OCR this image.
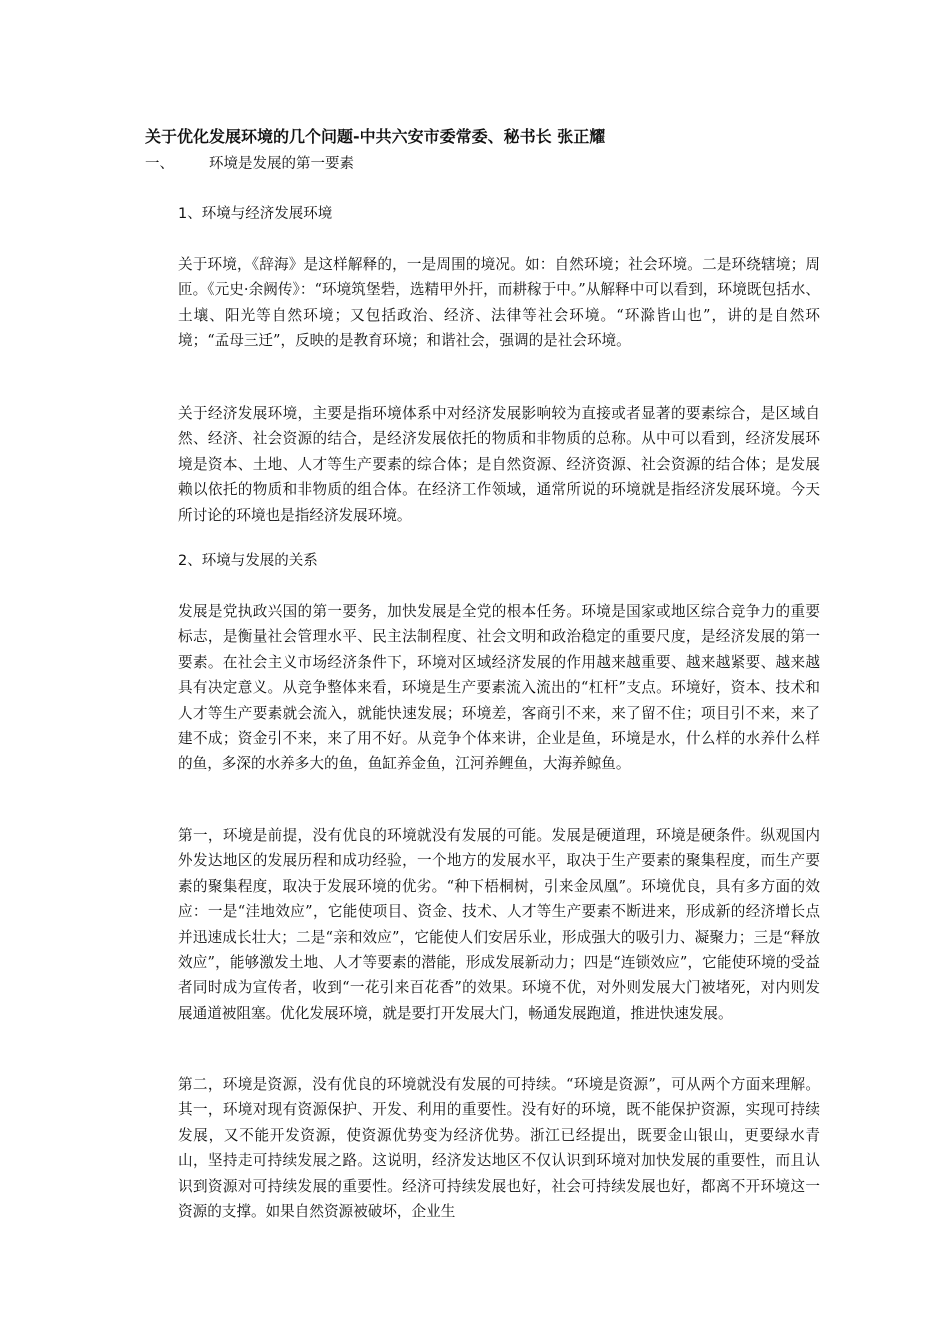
关于优化发展环境的几个问题-中共六安市委常委、秘书长 张正耀
一、 环境是发展的第一要素
1、环境与经济发展环境
关于环境，《辞海》是这样解释的，一是周围的境况。如：自然环境；社会环境。二是环绕辖境；周匝。《元史·余阙传》：“环境筑堡砦，选精甲外扞，而耕稼于中。”从解释中可以看到，环境既包括水、土壤、阳光等自然环境；又包括政治、经济、法律等社会环境。“环滁皆山也”，讲的是自然环境；“孟母三迁”，反映的是教育环境；和谐社会，强调的是社会环境。
关于经济发展环境，主要是指环境体系中对经济发展影响较为直接或者显著的要素综合，是区域自然、经济、社会资源的结合，是经济发展依托的物质和非物质的总称。从中可以看到，经济发展环境是资本、土地、人才等生产要素的综合体；是自然资源、经济资源、社会资源的结合体；是发展赖以依托的物质和非物质的组合体。在经济工作领域，通常所说的环境就是指经济发展环境。今天所讨论的环境也是指经济发展环境。
2、环境与发展的关系
发展是党执政兴国的第一要务，加快发展是全党的根本任务。环境是国家或地区综合竞争力的重要标志，是衡量社会管理水平、民主法制程度、社会文明和政治稳定的重要尺度，是经济发展的第一要素。在社会主义市场经济条件下，环境对区域经济发展的作用越来越重要、越来越紧要、越来越具有决定意义。从竞争整体来看，环境是生产要素流入流出的“杠杆”支点。环境好，资本、技术和人才等生产要素就会流入，就能快速发展；环境差，客商引不来，来了留不住；项目引不来，来了建不成；资金引不来，来了用不好。从竞争个体来讲，企业是鱼，环境是水，什么样的水养什么样的鱼，多深的水养多大的鱼，鱼缸养金鱼，江河养鲤鱼，大海养鲸鱼。
第一，环境是前提，没有优良的环境就没有发展的可能。发展是硬道理，环境是硬条件。纵观国内外发达地区的发展历程和成功经验，一个地方的发展水平，取决于生产要素的聚集程度，而生产要素的聚集程度，取决于发展环境的优劣。“种下梧桐树，引来金凤凰”。环境优良，具有多方面的效应：一是“洼地效应”，它能使项目、资金、技术、人才等生产要素不断进来，形成新的经济增长点并迅速成长壮大；二是“亲和效应”，它能使人们安居乐业，形成强大的吸引力、凝聚力；三是“释放效应”，能够激发土地、人才等要素的潜能，形成发展新动力；四是“连锁效应”，它能使环境的受益者同时成为宣传者，收到“一花引来百花香”的效果。环境不优，对外则发展大门被堵死，对内则发展通道被阻塞。优化发展环境，就是要打开发展大门，畅通发展跑道，推进快速发展。
第二，环境是资源，没有优良的环境就没有发展的可持续。“环境是资源”，可从两个方面来理解。其一，环境对现有资源保护、开发、利用的重要性。没有好的环境，既不能保护资源，实现可持续发展，又不能开发资源，使资源优势变为经济优势。浙江已经提出，既要金山银山，更要绿水青山，坚持走可持续发展之路。这说明，经济发达地区不仅认识到环境对加快发展的重要性，而且认识到资源对可持续发展的重要性。经济可持续发展也好，社会可持续发展也好，都离不开环境这一资源的支撑。如果自然资源被破坏，企业生
